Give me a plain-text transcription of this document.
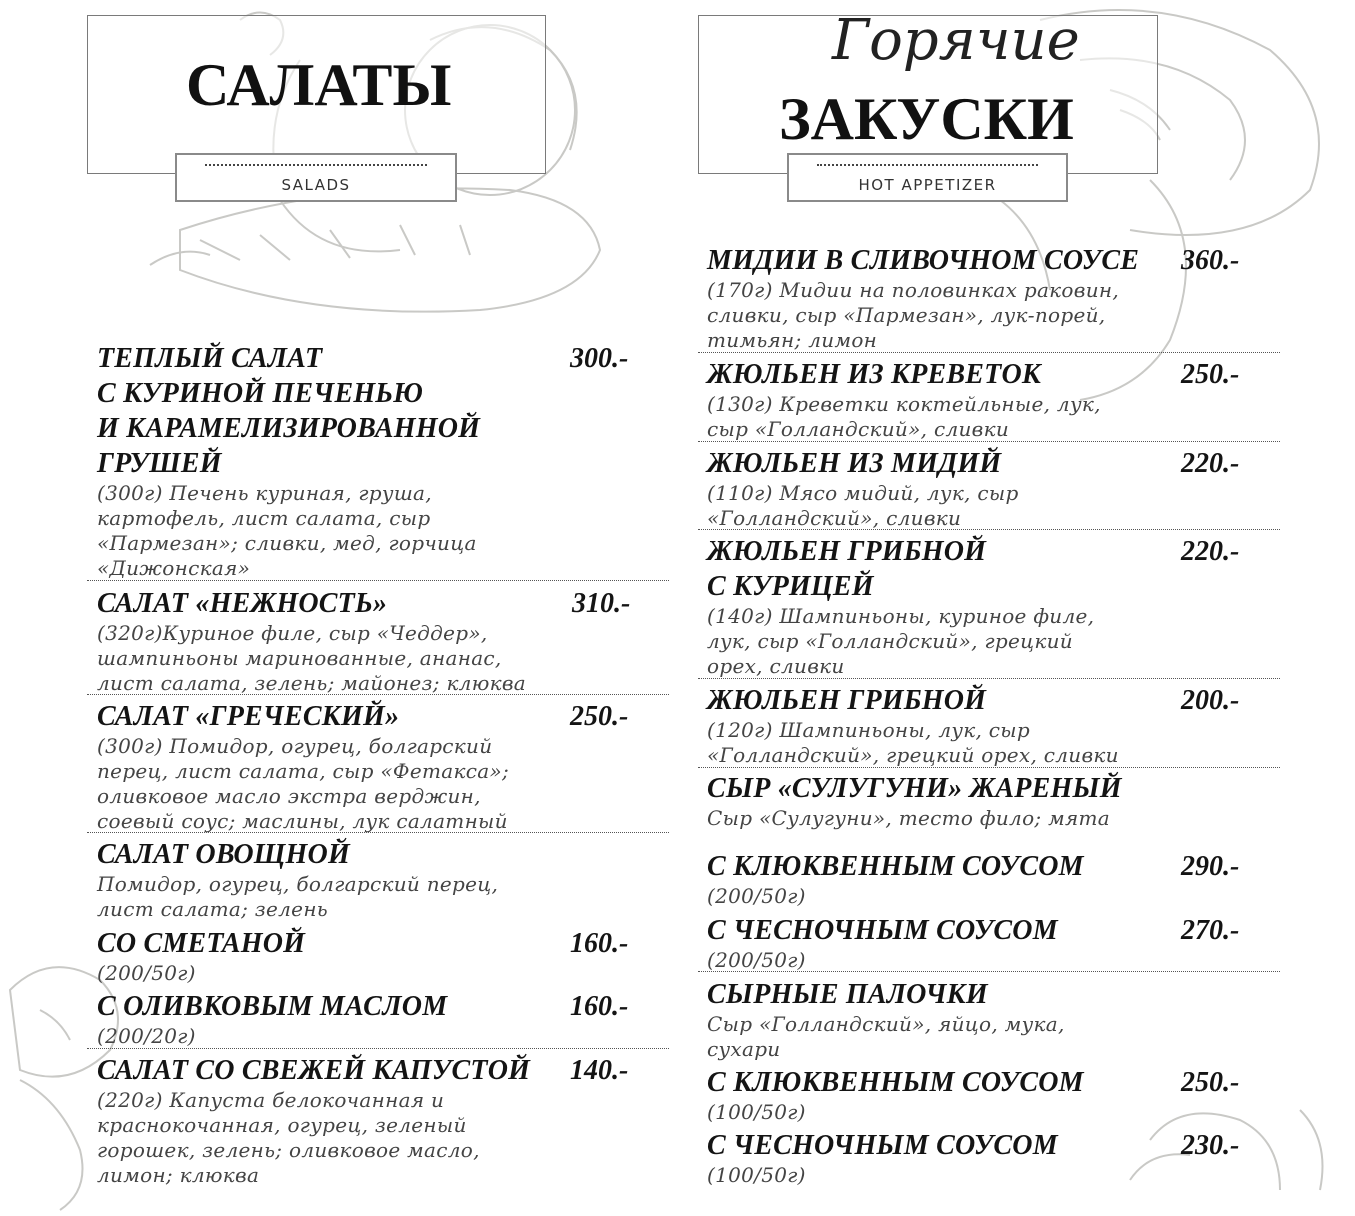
САЛАТЫ
SALADS
Горячие
ЗАКУСКИ
HOT APPETIZER
ТЕПЛЫЙ САЛАТ
С КУРИНОЙ ПЕЧЕНЬЮ
И КАРАМЕЛИЗИРОВАННОЙ
ГРУШЕЙ
(300г) Печень куриная, груша,
картофель, лист салата, сыр
«Пармезан»; сливки, мед, горчица
«Дижонская»
300.-
САЛАТ «НЕЖНОСТЬ»
(320г)Куриное филе, сыр «Чеддер»,
шампиньоны маринованные, ананас,
лист салата, зелень; майонез; клюква
310.-
САЛАТ «ГРЕЧЕСКИЙ»
(300г) Помидор, огурец, болгарский
перец, лист салата, сыр «Фетакса»;
оливковое масло экстра верджин,
соевый соус; маслины, лук салатный
250.-
САЛАТ ОВОЩНОЙ
Помидор, огурец, болгарский перец,
лист салата; зелень
СО СМЕТАНОЙ
(200/50г)
160.-
С ОЛИВКОВЫМ МАСЛОМ
(200/20г)
160.-
САЛАТ СО СВЕЖЕЙ КАПУСТОЙ
(220г) Капуста белокочанная и
краснокочанная, огурец, зеленый
горошек, зелень; оливковое масло,
лимон; клюква
140.-
МИДИИ В СЛИВОЧНОМ СОУСЕ
(170г) Мидии на половинках раковин,
сливки, сыр «Пармезан», лук-порей,
тимьян; лимон
360.-
ЖЮЛЬЕН ИЗ КРЕВЕТОК
(130г) Креветки коктейльные, лук,
сыр «Голландский», сливки
250.-
ЖЮЛЬЕН ИЗ МИДИЙ
(110г) Мясо мидий, лук, сыр
«Голландский», сливки
220.-
ЖЮЛЬЕН ГРИБНОЙ
С КУРИЦЕЙ
(140г) Шампиньоны, куриное филе,
лук, сыр «Голландский», грецкий
орех, сливки
220.-
ЖЮЛЬЕН ГРИБНОЙ
(120г) Шампиньоны, лук, сыр
«Голландский», грецкий орех, сливки
200.-
СЫР «СУЛУГУНИ» ЖАРЕНЫЙ
Сыр «Сулугуни», тесто фило; мята
С КЛЮКВЕННЫМ СОУСОМ
(200/50г)
290.-
С ЧЕСНОЧНЫМ СОУСОМ
(200/50г)
270.-
СЫРНЫЕ ПАЛОЧКИ
Сыр «Голландский», яйцо, мука,
сухари
С КЛЮКВЕННЫМ СОУСОМ
(100/50г)
250.-
С ЧЕСНОЧНЫМ СОУСОМ
(100/50г)
230.-
